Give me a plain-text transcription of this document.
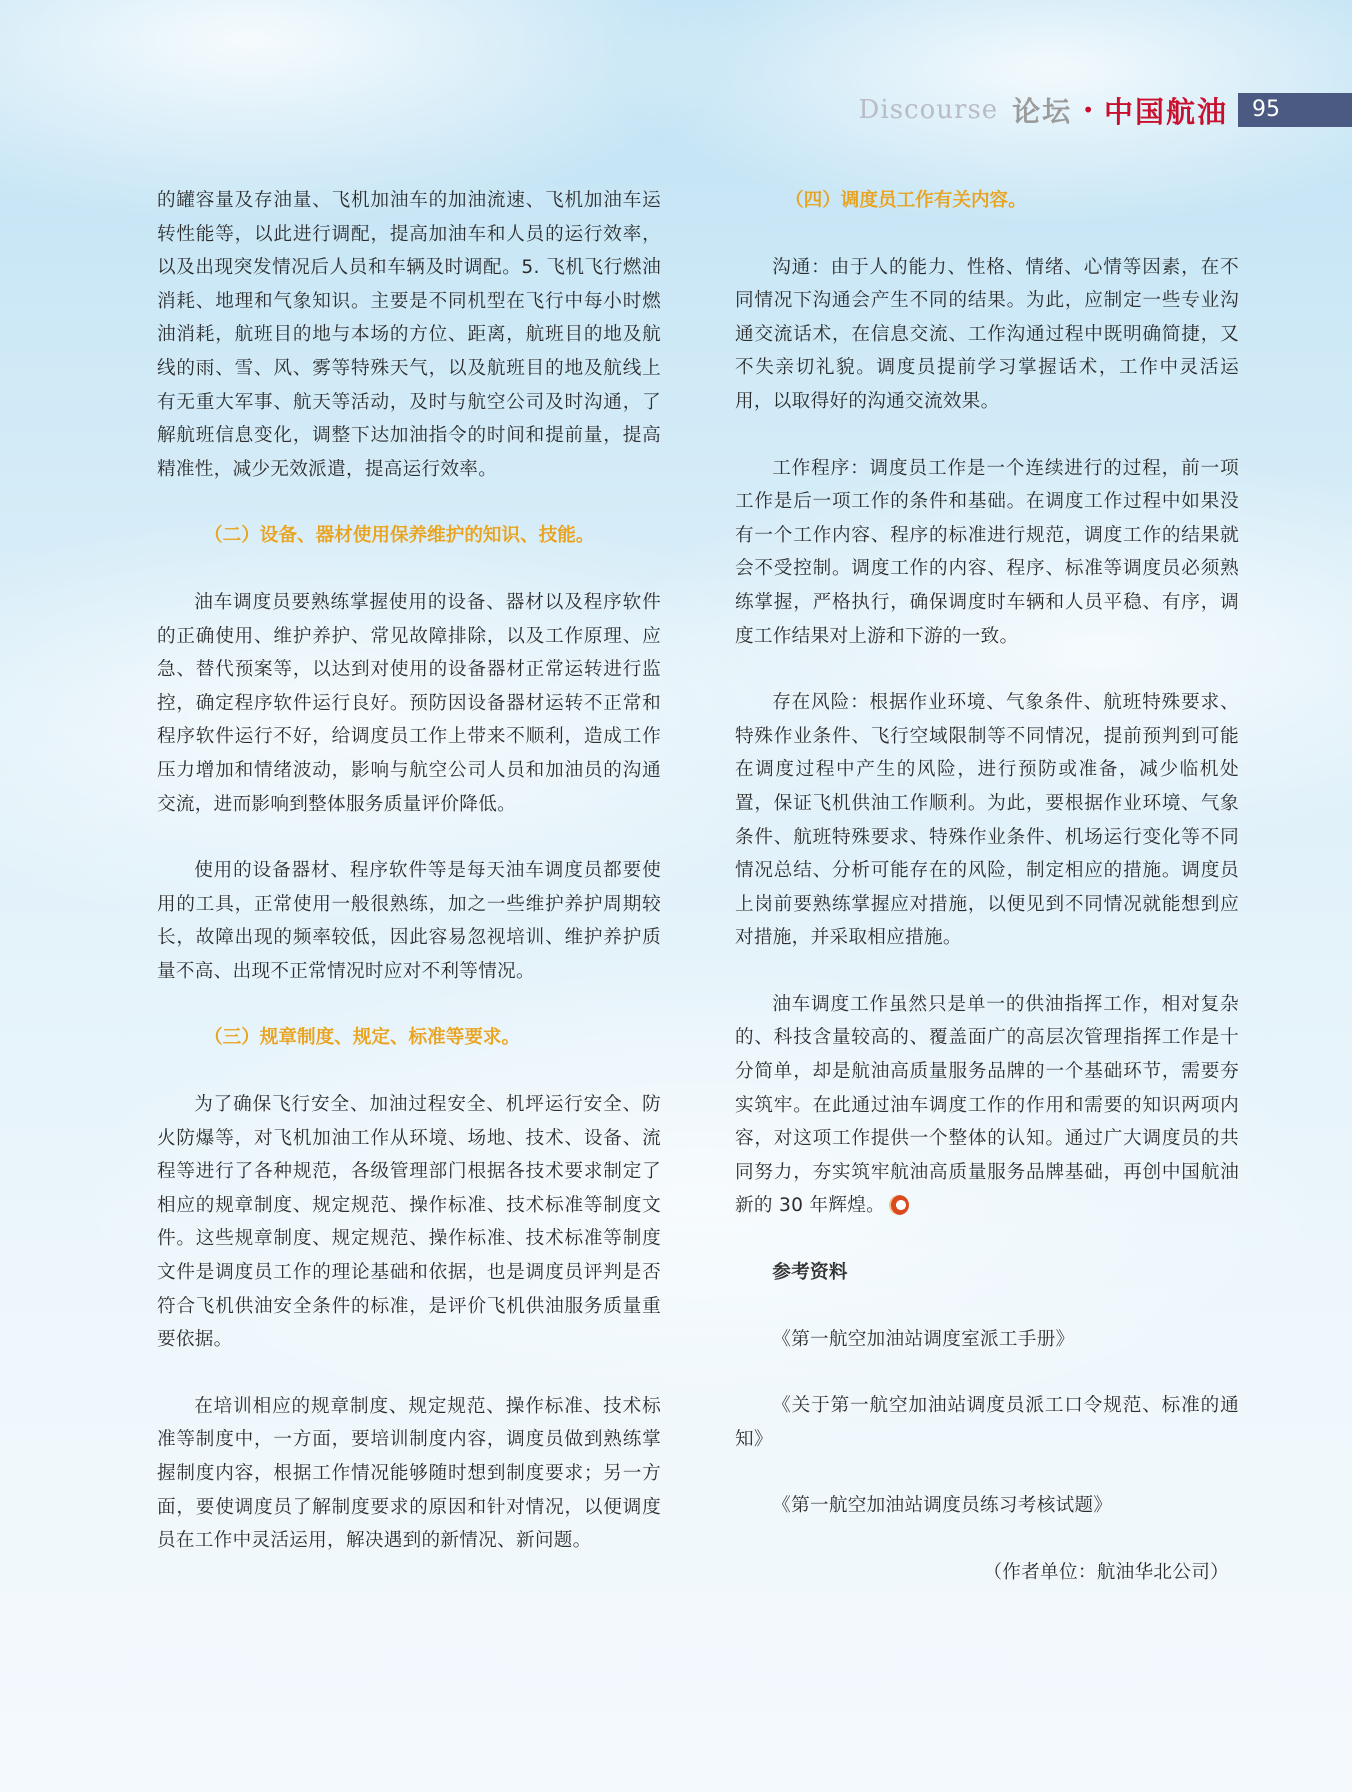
Discourse 论坛 • 中国航油	95

的罐容量及存油量、飞机加油车的加油流速、飞机加油车运转性能等，以此进行调配，提高加油车和人员的运行效率，以及出现突发情况后人员和车辆及时调配。5. 飞机飞行燃油消耗、地理和气象知识。主要是不同机型在飞行中每小时燃油消耗，航班目的地与本场的方位、距离，航班目的地及航线的雨、雪、风、雾等特殊天气，以及航班目的地及航线上有无重大军事、航天等活动，及时与航空公司及时沟通，了解航班信息变化，调整下达加油指令的时间和提前量，提高精准性，减少无效派遣，提高运行效率。

（二）设备、器材使用保养维护的知识、技能。

油车调度员要熟练掌握使用的设备、器材以及程序软件的正确使用、维护养护、常见故障排除，以及工作原理、应急、替代预案等，以达到对使用的设备器材正常运转进行监控，确定程序软件运行良好。预防因设备器材运转不正常和程序软件运行不好，给调度员工作上带来不顺利，造成工作压力增加和情绪波动，影响与航空公司人员和加油员的沟通交流，进而影响到整体服务质量评价降低。

使用的设备器材、程序软件等是每天油车调度员都要使用的工具，正常使用一般很熟练，加之一些维护养护周期较长，故障出现的频率较低，因此容易忽视培训、维护养护质量不高、出现不正常情况时应对不利等情况。

（三）规章制度、规定、标准等要求。

为了确保飞行安全、加油过程安全、机坪运行安全、防火防爆等，对飞机加油工作从环境、场地、技术、设备、流程等进行了各种规范，各级管理部门根据各技术要求制定了相应的规章制度、规定规范、操作标准、技术标准等制度文件。这些规章制度、规定规范、操作标准、技术标准等制度文件是调度员工作的理论基础和依据，也是调度员评判是否符合飞机供油安全条件的标准，是评价飞机供油服务质量重要依据。

在培训相应的规章制度、规定规范、操作标准、技术标准等制度中，一方面，要培训制度内容，调度员做到熟练掌握制度内容，根据工作情况能够随时想到制度要求；另一方面，要使调度员了解制度要求的原因和针对情况，以便调度员在工作中灵活运用，解决遇到的新情况、新问题。

（四）调度员工作有关内容。

沟通：由于人的能力、性格、情绪、心情等因素，在不同情况下沟通会产生不同的结果。为此，应制定一些专业沟通交流话术，在信息交流、工作沟通过程中既明确简捷，又不失亲切礼貌。调度员提前学习掌握话术，工作中灵活运用，以取得好的沟通交流效果。

工作程序：调度员工作是一个连续进行的过程，前一项工作是后一项工作的条件和基础。在调度工作过程中如果没有一个工作内容、程序的标准进行规范，调度工作的结果就会不受控制。调度工作的内容、程序、标准等调度员必须熟练掌握，严格执行，确保调度时车辆和人员平稳、有序，调度工作结果对上游和下游的一致。

存在风险：根据作业环境、气象条件、航班特殊要求、特殊作业条件、飞行空域限制等不同情况，提前预判到可能在调度过程中产生的风险，进行预防或准备，减少临机处置，保证飞机供油工作顺利。为此，要根据作业环境、气象条件、航班特殊要求、特殊作业条件、机场运行变化等不同情况总结、分析可能存在的风险，制定相应的措施。调度员上岗前要熟练掌握应对措施，以便见到不同情况就能想到应对措施，并采取相应措施。

油车调度工作虽然只是单一的供油指挥工作，相对复杂的、科技含量较高的、覆盖面广的高层次管理指挥工作是十分简单，却是航油高质量服务品牌的一个基础环节，需要夯实筑牢。在此通过油车调度工作的作用和需要的知识两项内容，对这项工作提供一个整体的认知。通过广大调度员的共同努力，夯实筑牢航油高质量服务品牌基础，再创中国航油新的 30 年辉煌。

参考资料

《第一航空加油站调度室派工手册》

《关于第一航空加油站调度员派工口令规范、标准的通知》

《第一航空加油站调度员练习考核试题》

（作者单位：航油华北公司）
